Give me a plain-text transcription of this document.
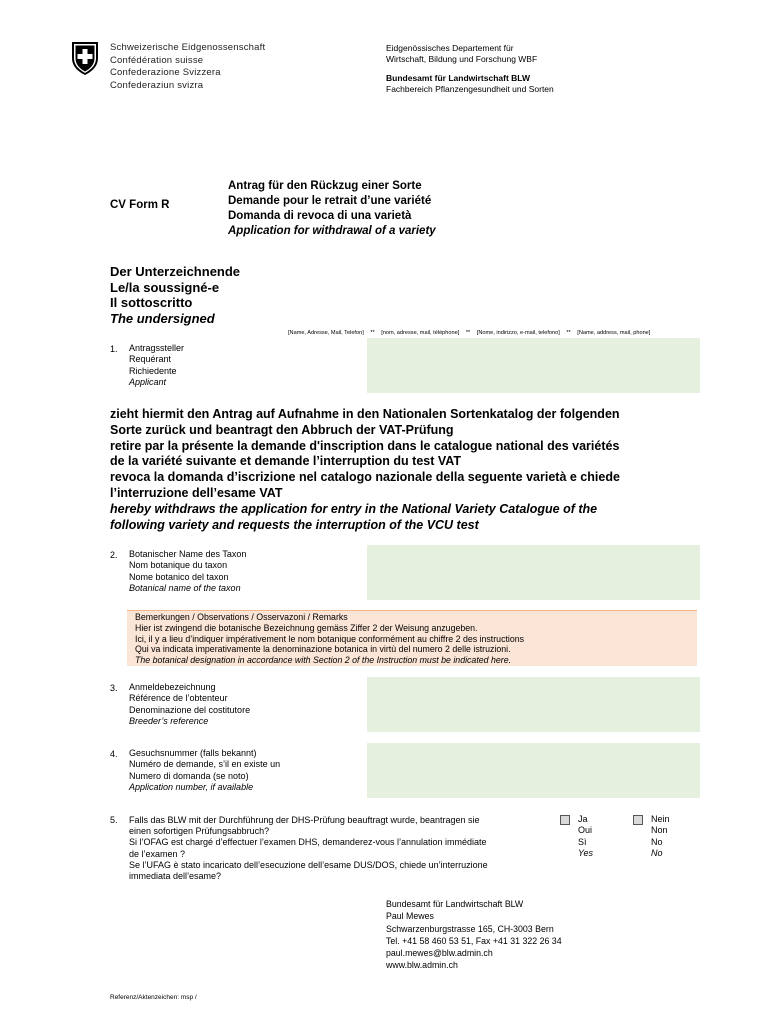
Schweizerische Eidgenossenschaft
Confédération suisse
Confederazione Svizzera
Confederaziun svizra
Eidgenössisches Departement für
Wirtschaft, Bildung und Forschung WBF
Bundesamt für Landwirtschaft BLW
Fachbereich Pflanzengesundheit und Sorten
CV Form R
Antrag für den Rückzug einer Sorte
Demande pour le retrait d’une variété
Domanda di revoca di una varietà
Application for withdrawal of a variety
Der Unterzeichnende
Le/la soussigné-e
Il sottoscritto
The undersigned
[Name, Adresse, Mail, Telefon] ** [nom, adresse, mail, téléphone] ** [Nome, indirizzo, e-mail, telefono] ** [Name, address, mail, phone]
1. Antragssteller
Requérant
Richiedente
Applicant
zieht hiermit den Antrag auf Aufnahme in den Nationalen Sortenkatalog der folgenden
Sorte zurück und beantragt den Abbruch der VAT-Prüfung
retire par la présente la demande d'inscription dans le catalogue national des variétés
de la variété suivante et demande l’interruption du test VAT
revoca la domanda d’iscrizione nel catalogo nazionale della seguente varietà e chiede
l’interruzione dell’esame VAT
hereby withdraws the application for entry in the National Variety Catalogue of the
following variety and requests the interruption of the VCU test
2. Botanischer Name des Taxon
Nom botanique du taxon
Nome botanico del taxon
Botanical name of the taxon
Bemerkungen / Observations / Osservazoni / Remarks
Hier ist zwingend die botanische Bezeichnung gemäss Ziffer 2 der Weisung anzugeben.
Ici, il y a lieu d’indiquer impérativement le nom botanique conformément au chiffre 2 des instructions
Qui va indicata imperativamente la denominazione botanica in virtù del numero 2 delle istruzioni.
The botanical designation in accordance with Section 2 of the Instruction must be indicated here.
3. Anmeldebezeichnung
Référence de l’obtenteur
Denominazione del costitutore
Breeder’s reference
4. Gesuchsnummer (falls bekannt)
Numéro de demande, s’il en existe un
Numero di domanda (se noto)
Application number, if available
5. Falls das BLW mit der Durchführung der DHS-Prüfung beauftragt wurde, beantragen sie
einen sofortigen Prüfungsabbruch?
Si l’OFAG est chargé d’effectuer l’examen DHS, demanderez-vous l’annulation immédiate
de l’examen ?
Se l’UFAG è stato incaricato dell’esecuzione dell’esame DUS/DOS, chiede un’interruzione
immediata dell’esame?
Ja
Oui
Sì
Yes
Nein
Non
No
No
Bundesamt für Landwirtschaft BLW
Paul Mewes
Schwarzenburgstrasse 165, CH-3003 Bern
Tel. +41 58 460 53 51, Fax +41 31 322 26 34
paul.mewes@blw.admin.ch
www.blw.admin.ch
Referenz/Aktenzeichen: msp /
